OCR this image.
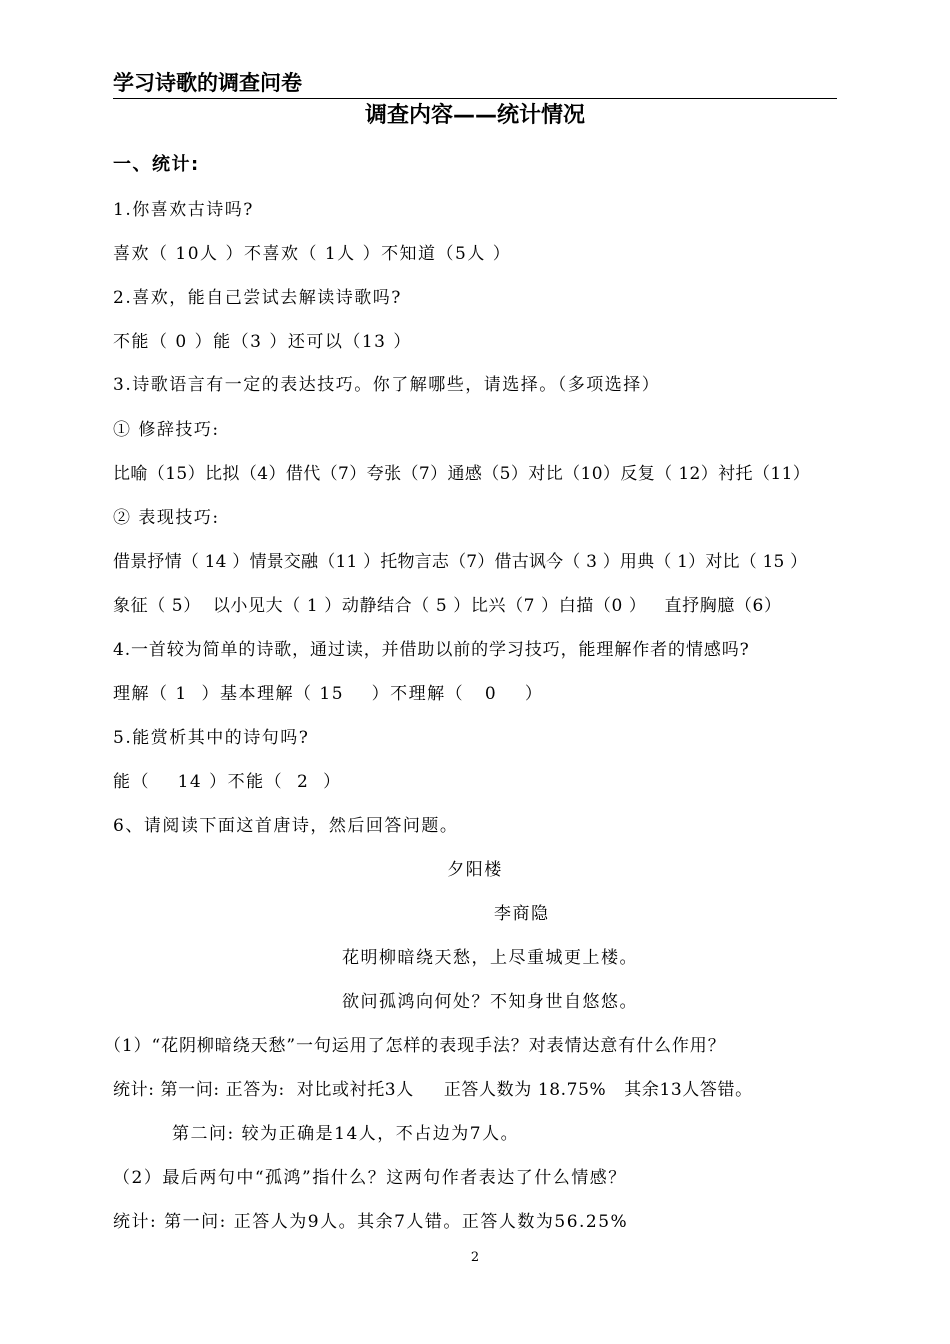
学习诗歌的调查问卷
调查内容——统计情况
一、统计:
1.你喜欢古诗吗?
喜欢（ 10人 ）不喜欢（ 1人 ）不知道（5人 ）
2.喜欢，能自己尝试去解读诗歌吗?
不能（ 0 ）能（3 ）还可以（13 ）
3.诗歌语言有一定的表达技巧。你了解哪些，请选择。（多项选择）
① 修辞技巧:
比喻（15）比拟（4）借代（7）夸张（7）通感（5）对比（10）反复（ 12）衬托（11）
② 表现技巧:
借景抒情（ 14 ）情景交融（11 ）托物言志（7）借古讽今（ 3 ）用典（ 1）对比（ 15 ）
象征（ 5）  以小见大（ 1 ）动静结合（ 5 ）比兴（7 ）白描（0 ）   直抒胸臆（6）
4.一首较为简单的诗歌，通过读，并借助以前的学习技巧，能理解作者的情感吗?
理解（ 1  ）基本理解（ 15    ）不理解（   0    ）
5.能赏析其中的诗句吗?
能（    14 ）不能（  2  ）
6、请阅读下面这首唐诗，然后回答问题。
夕阳楼
李商隐
花明柳暗绕天愁，上尽重城更上楼。
欲问孤鸿向何处？不知身世自悠悠。
（1）“花阴柳暗绕天愁”一句运用了怎样的表现手法？对表情达意有什么作用？
统计: 第一问: 正答为:  对比或衬托3人     正答人数为 18.75%   其余13人答错。
第二问: 较为正确是14人，不占边为7人。
（2）最后两句中“孤鸿”指什么？这两句作者表达了什么情感？
统计: 第一问: 正答人为9人。其余7人错。正答人数为56.25%
2
